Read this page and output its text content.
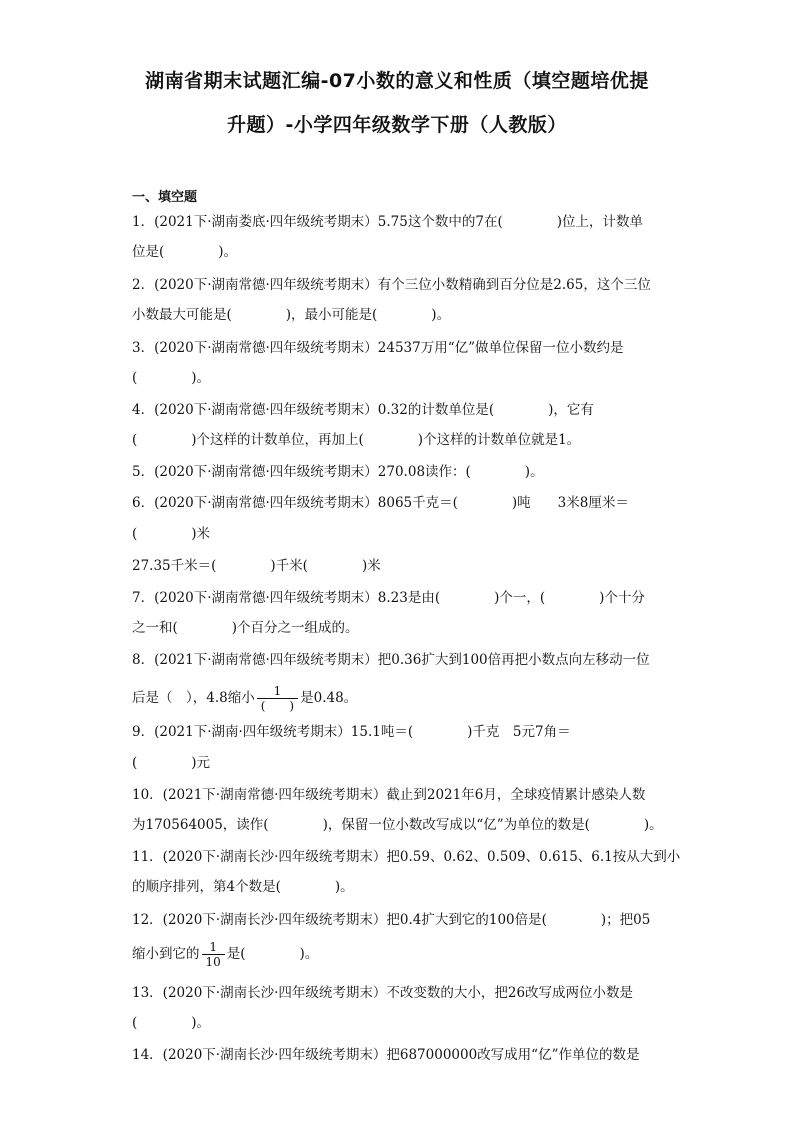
湖南省期末试题汇编-07小数的意义和性质（填空题培优提
升题）-小学四年级数学下册（人教版）
一、填空题
1．(2021下·湖南娄底·四年级统考期末）5.75这个数中的7在(　　　　)位上，计数单
位是(　　　　)。
2．(2020下·湖南常德·四年级统考期末）有个三位小数精确到百分位是2.65，这个三位
小数最大可能是(　　　　)，最小可能是(　　　　)。
3．(2020下·湖南常德·四年级统考期末）24537万用“亿”做单位保留一位小数约是
(　　　　)。
4．(2020下·湖南常德·四年级统考期末）0.32的计数单位是(　　　　)，它有
(　　　　)个这样的计数单位，再加上(　　　　)个这样的计数单位就是1。
5．(2020下·湖南常德·四年级统考期末）270.08读作：(　　　　)。
6．(2020下·湖南常德·四年级统考期末）8065千克＝(　　　　)吨　　3米8厘米＝
(　　　　)米
27.35千米＝(　　　　)千米(　　　　)米
7．(2020下·湖南常德·四年级统考期末）8.23是由(　　　　)个一，(　　　　)个十分
之一和(　　　　)个百分之一组成的。
8．(2021下·湖南常德·四年级统考期末）把0.36扩大到100倍再把小数点向左移动一位
后是（　），4.8缩小 $\frac{1}{( )}$ 是0.48。
9．(2021下·湖南·四年级统考期末）15.1吨＝(　　　　)千克　5元7角＝
(　　　　)元
10．(2021下·湖南常德·四年级统考期末）截止到2021年6月，全球疫情累计感染人数
为170564005，读作(　　　　)，保留一位小数改写成以“亿”为单位的数是(　　　　)。
11．(2020下·湖南长沙·四年级统考期末）把0.59、0.62、0.509、0.615、6.1按从大到小
的顺序排列，第4个数是(　　　　)。
12．(2020下·湖南长沙·四年级统考期末）把0.4扩大到它的100倍是(　　　　)；把05
缩小到它的 $\frac{1}{10}$ 是(　　　　)。
13．(2020下·湖南长沙·四年级统考期末）不改变数的大小，把26改写成两位小数是
(　　　　)。
14．(2020下·湖南长沙·四年级统考期末）把687000000改写成用“亿”作单位的数是
